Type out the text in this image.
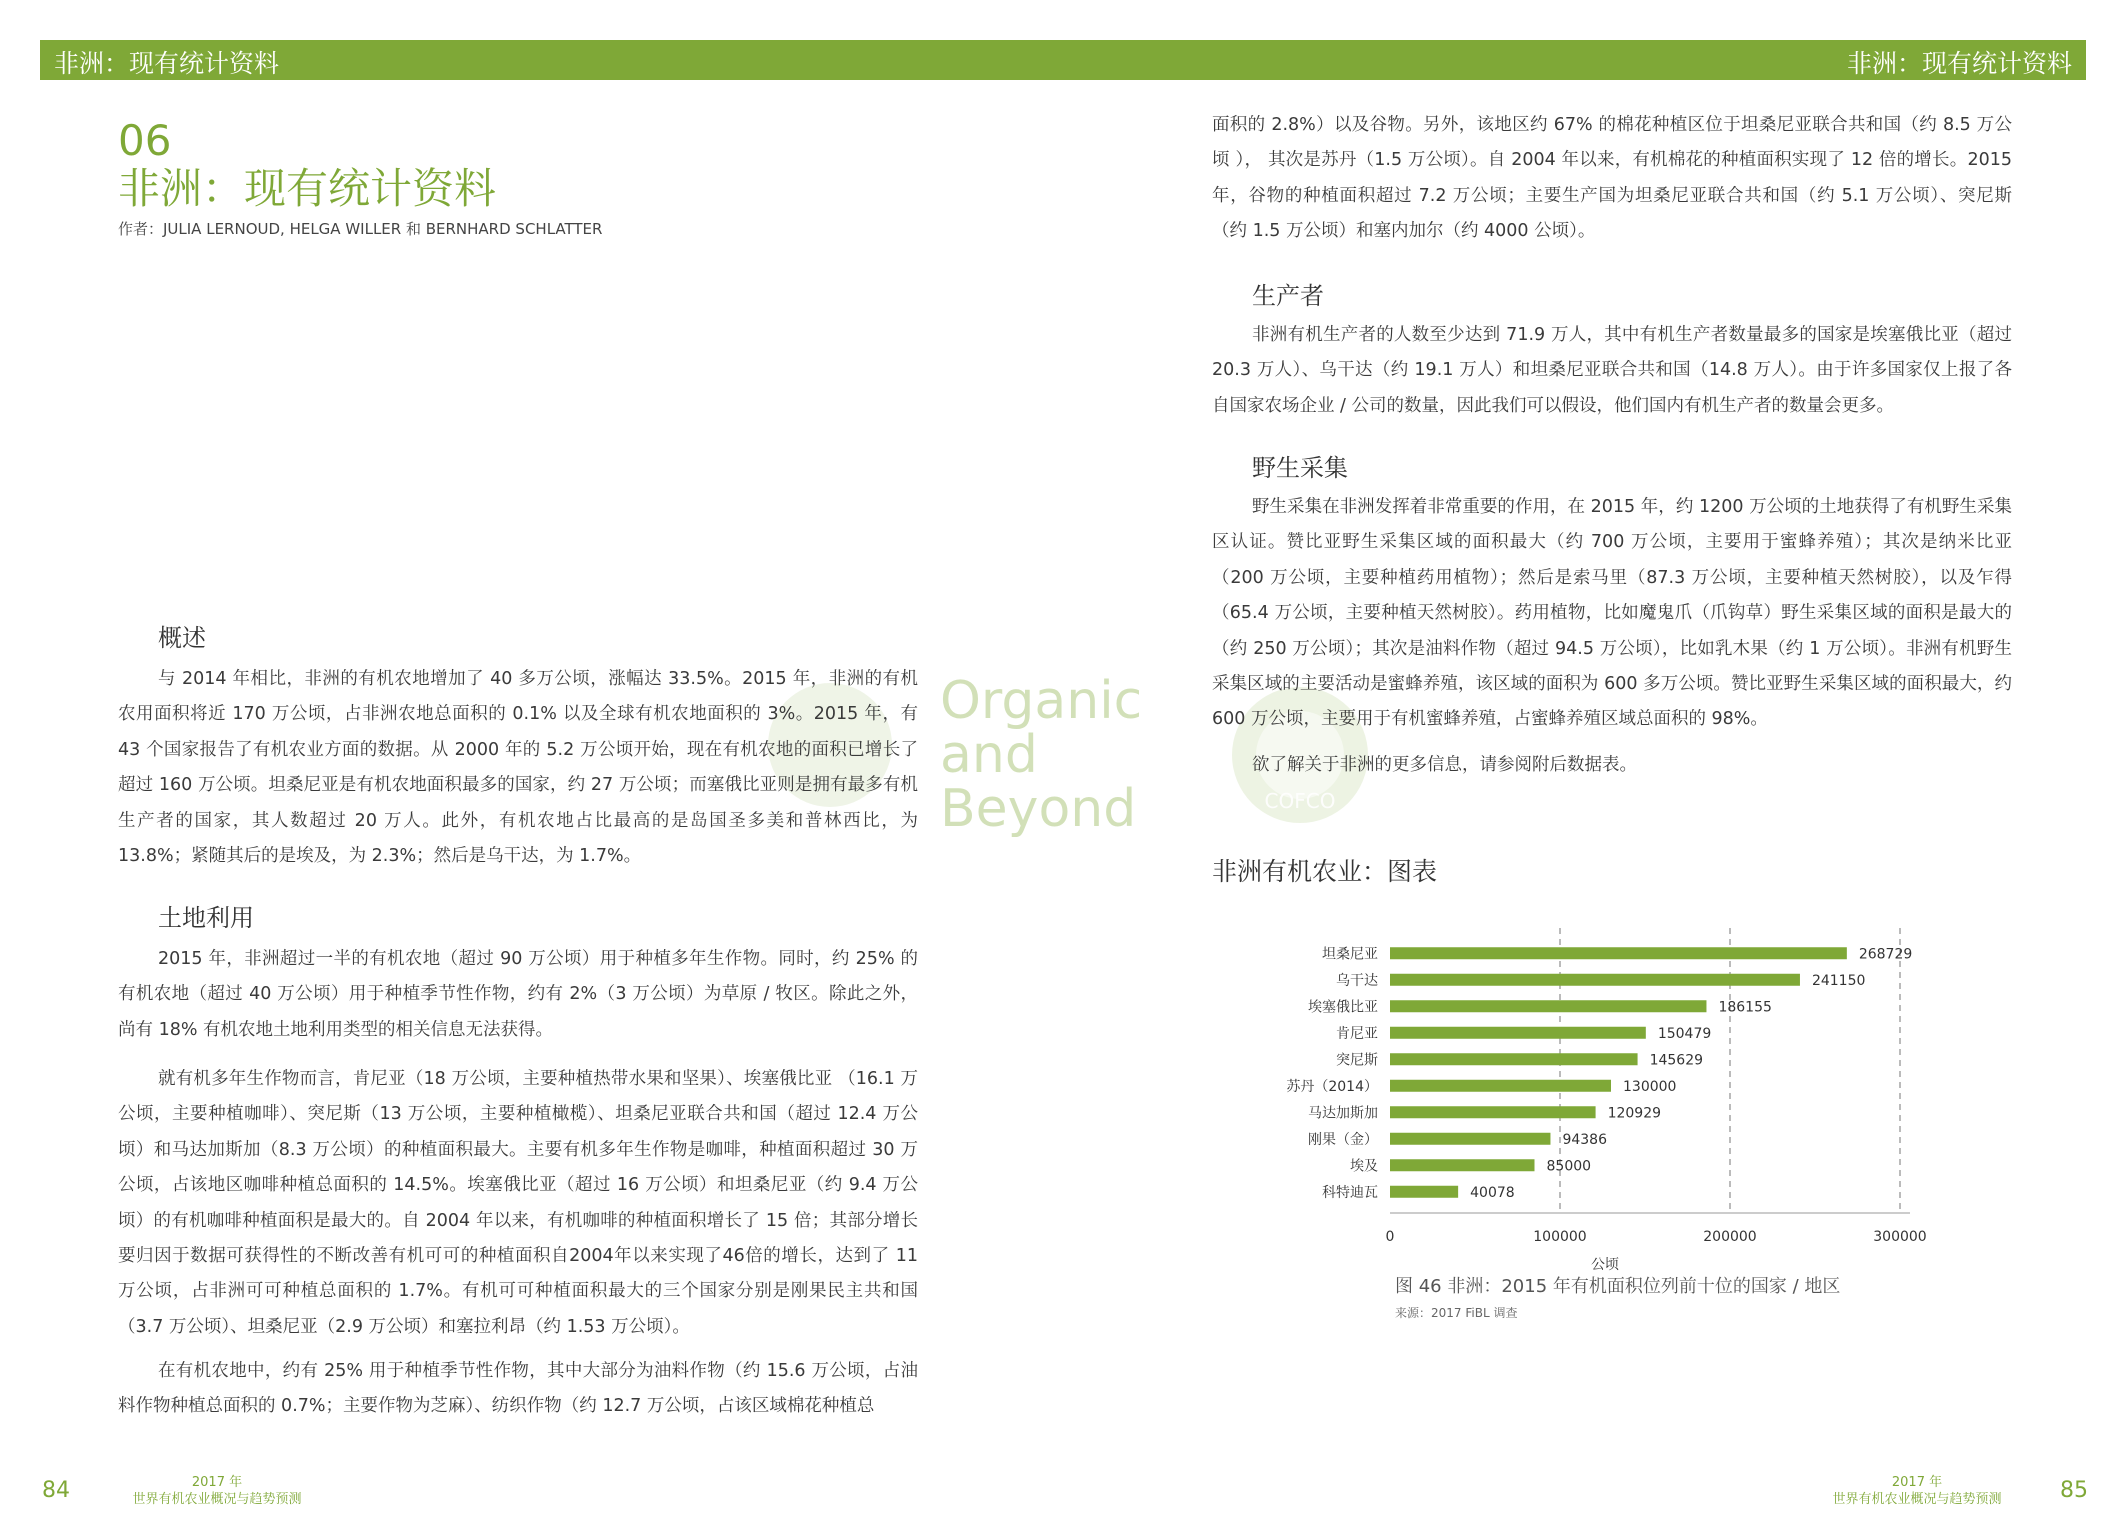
非洲：现有统计资料	非洲：现有统计资料
06
非洲：现有统计资料
作者：JULIA LERNOUD, HELGA WILLER 和 BERNHARD SCHLATTER
Organic
and
Beyond	COFCO
概述

与 2014 年相比，非洲的有机农地增加了 40 多万公顷，涨幅达 33.5%。2015 年，非洲的有机农用面积将近 170 万公顷，占非洲农地总面积的 0.1% 以及全球有机农地面积的 3%。2015 年，有 43 个国家报告了有机农业方面的数据。从 2000 年的 5.2 万公顷开始，现在有机农地的面积已增长了超过 160 万公顷。坦桑尼亚是有机农地面积最多的国家，约 27 万公顷；而塞俄比亚则是拥有最多有机生产者的国家，其人数超过 20 万人。此外，有机农地占比最高的是岛国圣多美和普林西比，为 13.8%；紧随其后的是埃及，为 2.3%；然后是乌干达，为 1.7%。

土地利用

2015 年，非洲超过一半的有机农地（超过 90 万公顷）用于种植多年生作物。同时，约 25% 的有机农地（超过 40 万公顷）用于种植季节性作物，约有 2%（3 万公顷）为草原 / 牧区。除此之外，尚有 18% 有机农地土地利用类型的相关信息无法获得。

就有机多年生作物而言，肯尼亚（18 万公顷，主要种植热带水果和坚果）、埃塞俄比亚 （16.1 万公顷，主要种植咖啡）、突尼斯（13 万公顷，主要种植橄榄）、坦桑尼亚联合共和国（超过 12.4 万公顷）和马达加斯加（8.3 万公顷）的种植面积最大。主要有机多年生作物是咖啡，种植面积超过 30 万公顷，占该地区咖啡种植总面积的 14.5%。埃塞俄比亚（超过 16 万公顷）和坦桑尼亚（约 9.4 万公顷）的有机咖啡种植面积是最大的。自 2004 年以来，有机咖啡的种植面积增长了 15 倍；其部分增长要归因于数据可获得性的不断改善有机可可的种植面积自2004年以来实现了46倍的增长，达到了 11 万公顷，占非洲可可种植总面积的 1.7%。有机可可种植面积最大的三个国家分别是刚果民主共和国（3.7 万公顷）、坦桑尼亚（2.9 万公顷）和塞拉利昂（约 1.53 万公顷）。

在有机农地中，约有 25% 用于种植季节性作物，其中大部分为油料作物（约 15.6 万公顷，占油料作物种植总面积的 0.7%；主要作物为芝麻）、纺织作物（约 12.7 万公顷，占该区域棉花种植总

面积的 2.8%）以及谷物。另外，该地区约 67% 的棉花种植区位于坦桑尼亚联合共和国（约 8.5 万公顷 ）， 其次是苏丹（1.5 万公顷）。自 2004 年以来，有机棉花的种植面积实现了 12 倍的增长。2015 年，谷物的种植面积超过 7.2 万公顷；主要生产国为坦桑尼亚联合共和国（约 5.1 万公顷）、突尼斯 （约 1.5 万公顷）和塞内加尔（约 4000 公顷）。

生产者

非洲有机生产者的人数至少达到 71.9 万人，其中有机生产者数量最多的国家是埃塞俄比亚（超过 20.3 万人）、乌干达（约 19.1 万人）和坦桑尼亚联合共和国（14.8 万人）。由于许多国家仅上报了各自国家农场企业 / 公司的数量，因此我们可以假设，他们国内有机生产者的数量会更多。

野生采集

野生采集在非洲发挥着非常重要的作用，在 2015 年，约 1200 万公顷的土地获得了有机野生采集区认证。赞比亚野生采集区域的面积最大（约 700 万公顷，主要用于蜜蜂养殖）；其次是纳米比亚（200 万公顷，主要种植药用植物）；然后是索马里（87.3 万公顷，主要种植天然树胶），以及乍得（65.4 万公顷，主要种植天然树胶）。药用植物，比如魔鬼爪（爪钩草）野生采集区域的面积是最大的（约 250 万公顷）；其次是油料作物（超过 94.5 万公顷），比如乳木果（约 1 万公顷）。非洲有机野生采集区域的主要活动是蜜蜂养殖，该区域的面积为 600 多万公顷。赞比亚野生采集区域的面积最大，约 600 万公顷，主要用于有机蜜蜂养殖，占蜜蜂养殖区域总面积的 98%。

欲了解关于非洲的更多信息，请参阅附后数据表。

非洲有机农业：图表
坦桑尼亚	268729
乌干达	241150
埃塞俄比亚	186155
肯尼亚	150479
突尼斯	145629
苏丹（2014）	130000
马达加斯加	120929
刚果（金）	94386
埃及	85000
科特迪瓦	40078
0	100000	200000	300000
公顷
图 46 非洲：2015 年有机面积位列前十位的国家 / 地区
来源：2017 FiBL 调查
84	2017 年
世界有机农业概况与趋势预测
2017 年
世界有机农业概况与趋势预测	85
